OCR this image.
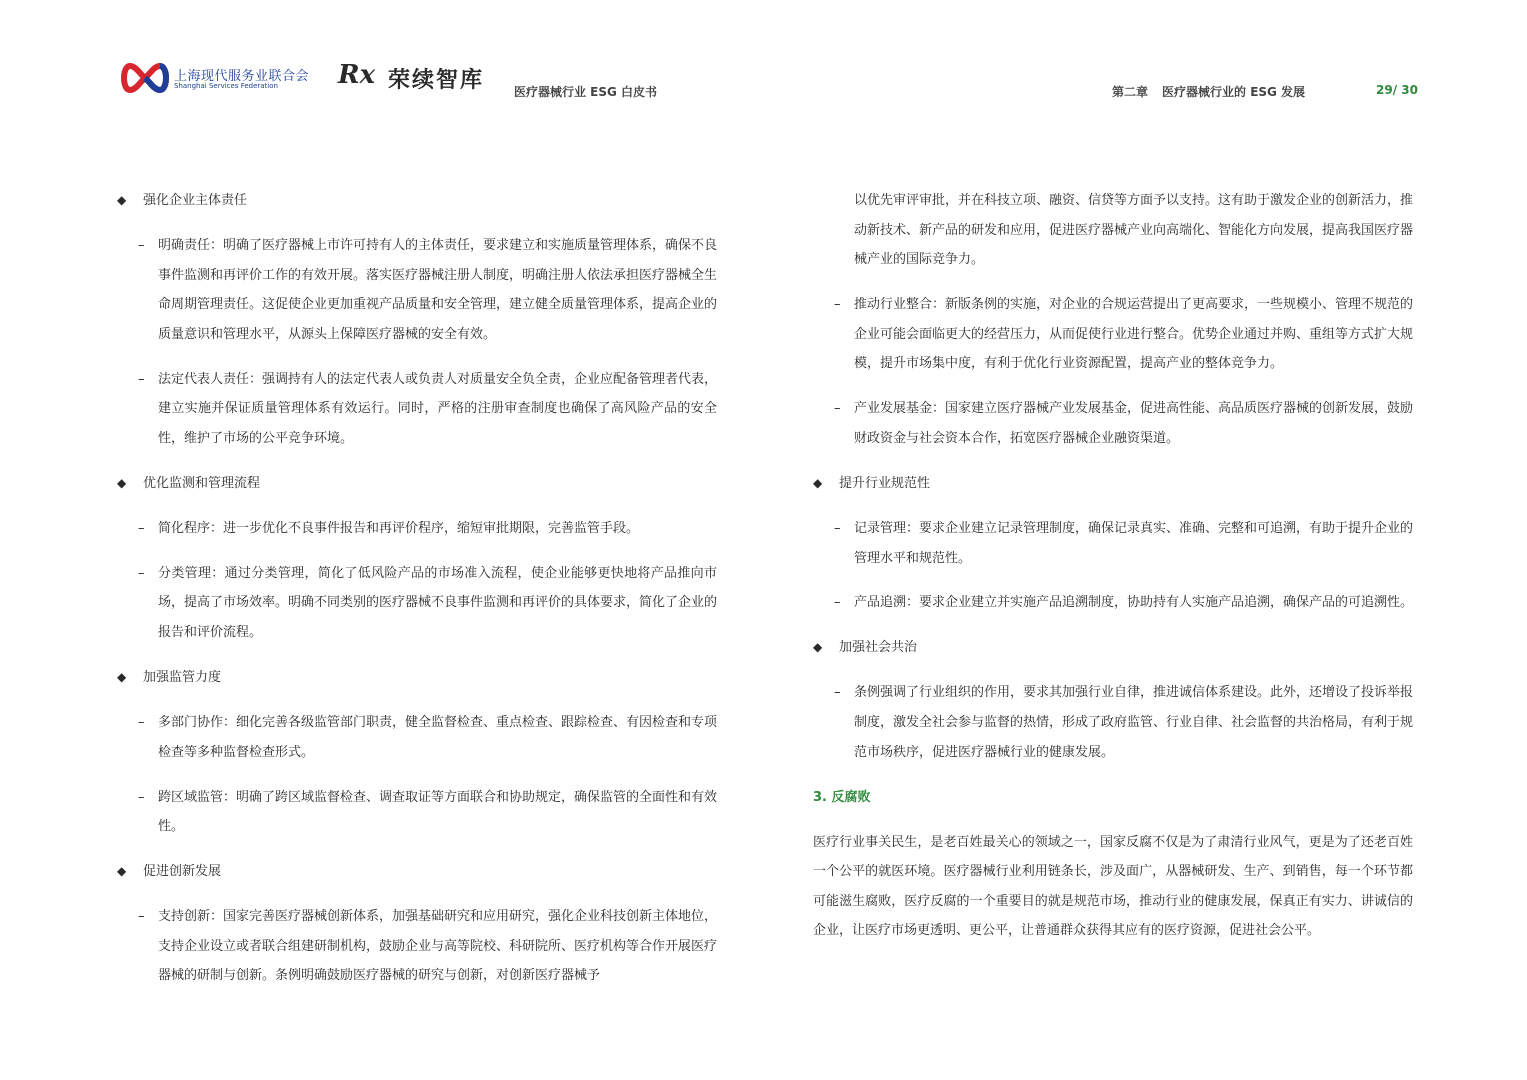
上海现代服务业联合会
Shanghai Services Federation Rx 荣续智库 医疗器械行业 ESG 白皮书	第二章 医疗器械行业的 ESG 发展	29/ 30
◆ 强化企业主体责任
– 明确责任：明确了医疗器械上市许可持有人的主体责任，要求建立和实施质量管理体系，确保不良事件监测和再评价工作的有效开展。落实医疗器械注册人制度，明确注册人依法承担医疗器械全生命周期管理责任。这促使企业更加重视产品质量和安全管理，建立健全质量管理体系，提高企业的质量意识和管理水平，从源头上保障医疗器械的安全有效。
– 法定代表人责任：强调持有人的法定代表人或负责人对质量安全负全责，企业应配备管理者代表，建立实施并保证质量管理体系有效运行。同时，严格的注册审查制度也确保了高风险产品的安全性，维护了市场的公平竞争环境。
◆ 优化监测和管理流程
– 简化程序：进一步优化不良事件报告和再评价程序，缩短审批期限，完善监管手段。
– 分类管理：通过分类管理，简化了低风险产品的市场准入流程，使企业能够更快地将产品推向市场，提高了市场效率。明确不同类别的医疗器械不良事件监测和再评价的具体要求，简化了企业的报告和评价流程。
◆ 加强监管力度
– 多部门协作：细化完善各级监管部门职责，健全监督检查、重点检查、跟踪检查、有因检查和专项检查等多种监督检查形式。
– 跨区域监管：明确了跨区域监督检查、调查取证等方面联合和协助规定，确保监管的全面性和有效性。
◆ 促进创新发展
– 支持创新：国家完善医疗器械创新体系，加强基础研究和应用研究，强化企业科技创新主体地位，支持企业设立或者联合组建研制机构，鼓励企业与高等院校、科研院所、医疗机构等合作开展医疗器械的研制与创新。条例明确鼓励医疗器械的研究与创新，对创新医疗器械予
以优先审评审批，并在科技立项、融资、信贷等方面予以支持。这有助于激发企业的创新活力，推动新技术、新产品的研发和应用，促进医疗器械产业向高端化、智能化方向发展，提高我国医疗器械产业的国际竞争力。
– 推动行业整合：新版条例的实施，对企业的合规运营提出了更高要求，一些规模小、管理不规范的企业可能会面临更大的经营压力，从而促使行业进行整合。优势企业通过并购、重组等方式扩大规模，提升市场集中度，有利于优化行业资源配置，提高产业的整体竞争力。
– 产业发展基金：国家建立医疗器械产业发展基金，促进高性能、高品质医疗器械的创新发展，鼓励财政资金与社会资本合作，拓宽医疗器械企业融资渠道。
◆ 提升行业规范性
– 记录管理：要求企业建立记录管理制度，确保记录真实、准确、完整和可追溯，有助于提升企业的管理水平和规范性。
– 产品追溯：要求企业建立并实施产品追溯制度，协助持有人实施产品追溯，确保产品的可追溯性。
◆ 加强社会共治
– 条例强调了行业组织的作用，要求其加强行业自律，推进诚信体系建设。此外，还增设了投诉举报制度，激发全社会参与监督的热情，形成了政府监管、行业自律、社会监督的共治格局，有利于规范市场秩序，促进医疗器械行业的健康发展。
3. 反腐败
医疗行业事关民生，是老百姓最关心的领域之一，国家反腐不仅是为了肃清行业风气，更是为了还老百姓一个公平的就医环境。医疗器械行业利用链条长，涉及面广，从器械研发、生产、到销售，每一个环节都可能滋生腐败，医疗反腐的一个重要目的就是规范市场，推动行业的健康发展，保真正有实力、讲诚信的企业，让医疗市场更透明、更公平，让普通群众获得其应有的医疗资源，促进社会公平。
